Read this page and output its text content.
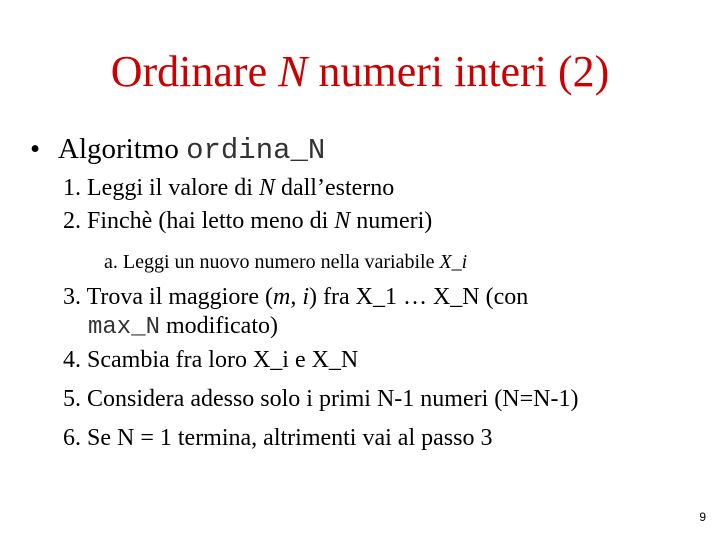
Ordinare N numeri interi (2)
• Algoritmo ordina_N
1. Leggi il valore di N dall’esterno
2. Finchè (hai letto meno di N numeri)
a. Leggi un nuovo numero nella variabile X_i
3. Trova il maggiore (m, i) fra X_1 … X_N (con
max_N modificato)
4. Scambia fra loro X_i e X_N
5. Considera adesso solo i primi N-1 numeri (N=N-1)
6. Se N = 1 termina, altrimenti vai al passo 3
9
